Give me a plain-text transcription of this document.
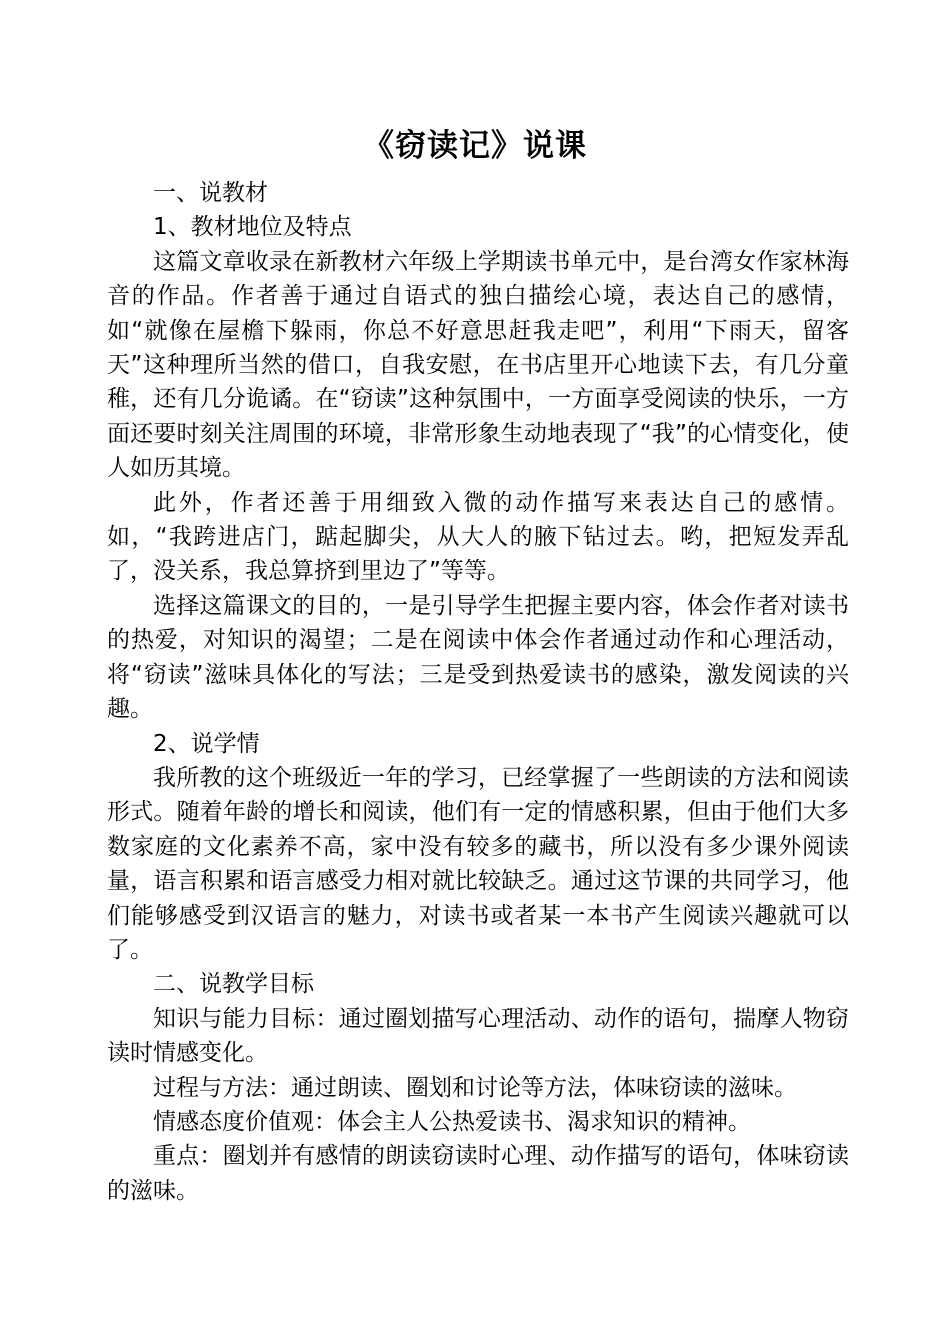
《窃读记》说课

一、说教材

1、教材地位及特点

这篇文章收录在新教材六年级上学期读书单元中，是台湾女作家林海音的作品。作者善于通过自语式的独白描绘心境，表达自己的感情，如“就像在屋檐下躲雨，你总不好意思赶我走吧”，利用“下雨天，留客天”这种理所当然的借口，自我安慰，在书店里开心地读下去，有几分童稚，还有几分诡谲。在“窃读”这种氛围中，一方面享受阅读的快乐，一方面还要时刻关注周围的环境，非常形象生动地表现了“我”的心情变化，使人如历其境。

此外，作者还善于用细致入微的动作描写来表达自己的感情。如，“我跨进店门，踮起脚尖，从大人的腋下钻过去。哟，把短发弄乱了，没关系，我总算挤到里边了”等等。

选择这篇课文的目的，一是引导学生把握主要内容，体会作者对读书的热爱，对知识的渴望；二是在阅读中体会作者通过动作和心理活动，将“窃读”滋味具体化的写法；三是受到热爱读书的感染，激发阅读的兴趣。

2、说学情

我所教的这个班级近一年的学习，已经掌握了一些朗读的方法和阅读形式。随着年龄的增长和阅读，他们有一定的情感积累，但由于他们大多数家庭的文化素养不高，家中没有较多的藏书，所以没有多少课外阅读量，语言积累和语言感受力相对就比较缺乏。通过这节课的共同学习，他们能够感受到汉语言的魅力，对读书或者某一本书产生阅读兴趣就可以了。

二、说教学目标

知识与能力目标：通过圈划描写心理活动、动作的语句，揣摩人物窃读时情感变化。

过程与方法：通过朗读、圈划和讨论等方法，体味窃读的滋味。

情感态度价值观：体会主人公热爱读书、渴求知识的精神。

重点：圈划并有感情的朗读窃读时心理、动作描写的语句，体味窃读的滋味。
